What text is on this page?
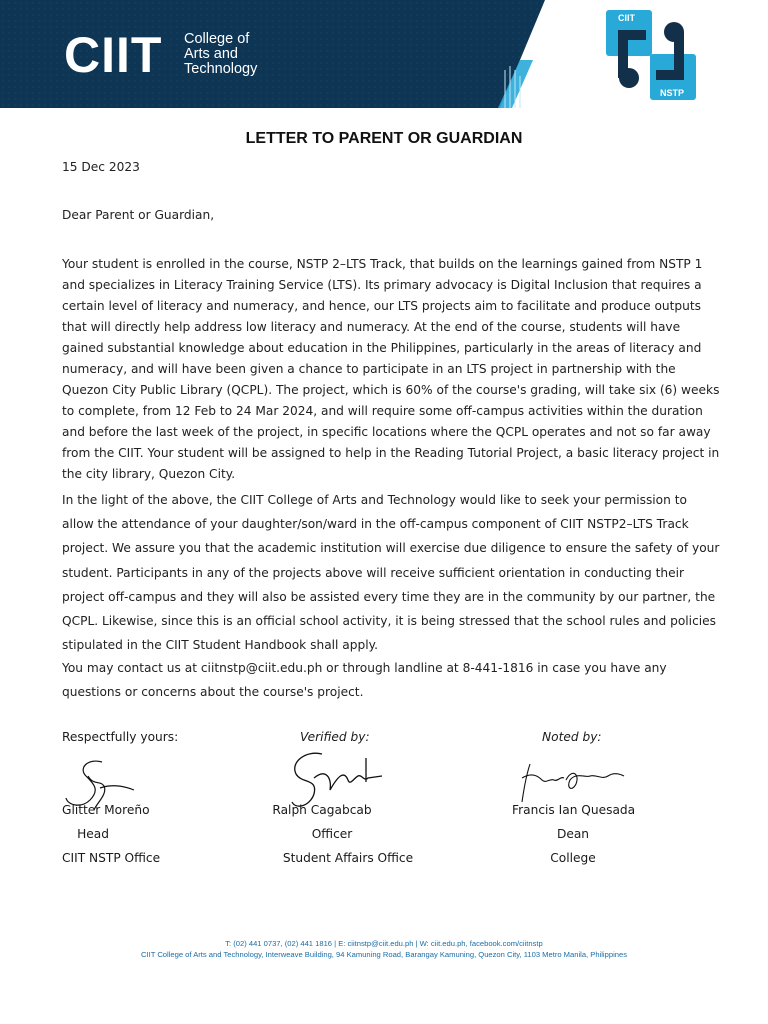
CIIT College of
Arts and
Technology
CIIT
NSTP
LETTER TO PARENT OR GUARDIAN
15 Dec 2023
Dear Parent or Guardian,
Your student is enrolled in the course, NSTP 2–LTS Track, that builds on the learnings gained from NSTP 1 and specializes in Literacy Training Service (LTS). Its primary advocacy is Digital Inclusion that requires a certain level of literacy and numeracy, and hence, our LTS projects aim to facilitate and produce outputs that will directly help address low literacy and numeracy. At the end of the course, students will have gained substantial knowledge about education in the Philippines, particularly in the areas of literacy and numeracy, and will have been given a chance to participate in an LTS project in partnership with the Quezon City Public Library (QCPL). The project, which is 60% of the course's grading, will take six (6) weeks to complete, from 12 Feb to 24 Mar 2024, and will require some off-campus activities within the duration and before the last week of the project, in specific locations where the QCPL operates and not so far away from the CIIT. Your student will be assigned to help in the Reading Tutorial Project, a basic literacy project in the city library, Quezon City.
In the light of the above, the CIIT College of Arts and Technology would like to seek your permission to allow the attendance of your daughter/son/ward in the off-campus component of CIIT NSTP2–LTS Track project. We assure you that the academic institution will exercise due diligence to ensure the safety of your student. Participants in any of the projects above will receive sufficient orientation in conducting their project off-campus and they will also be assisted every time they are in the community by our partner, the QCPL. Likewise, since this is an official school activity, it is being stressed that the school rules and policies stipulated in the CIIT Student Handbook shall apply.
You may contact us at ciitnstp@ciit.edu.ph or through landline at 8-441-1816 in case you have any questions or concerns about the course's project.
Respectfully yours:	Verified by:	Noted by:
Glitter Moreño
Head
CIIT NSTP Office
Ralph Cagabcab
Officer
Student Affairs Office
Francis Ian Quesada
Dean
College
T: (02) 441 0737, (02) 441 1816 | E: ciitnstp@ciit.edu.ph | W: ciit.edu.ph, facebook.com/ciitnstp
CIIT College of Arts and Technology, Interweave Building, 94 Kamuning Road, Barangay Kamuning, Quezon City, 1103 Metro Manila, Philippines
